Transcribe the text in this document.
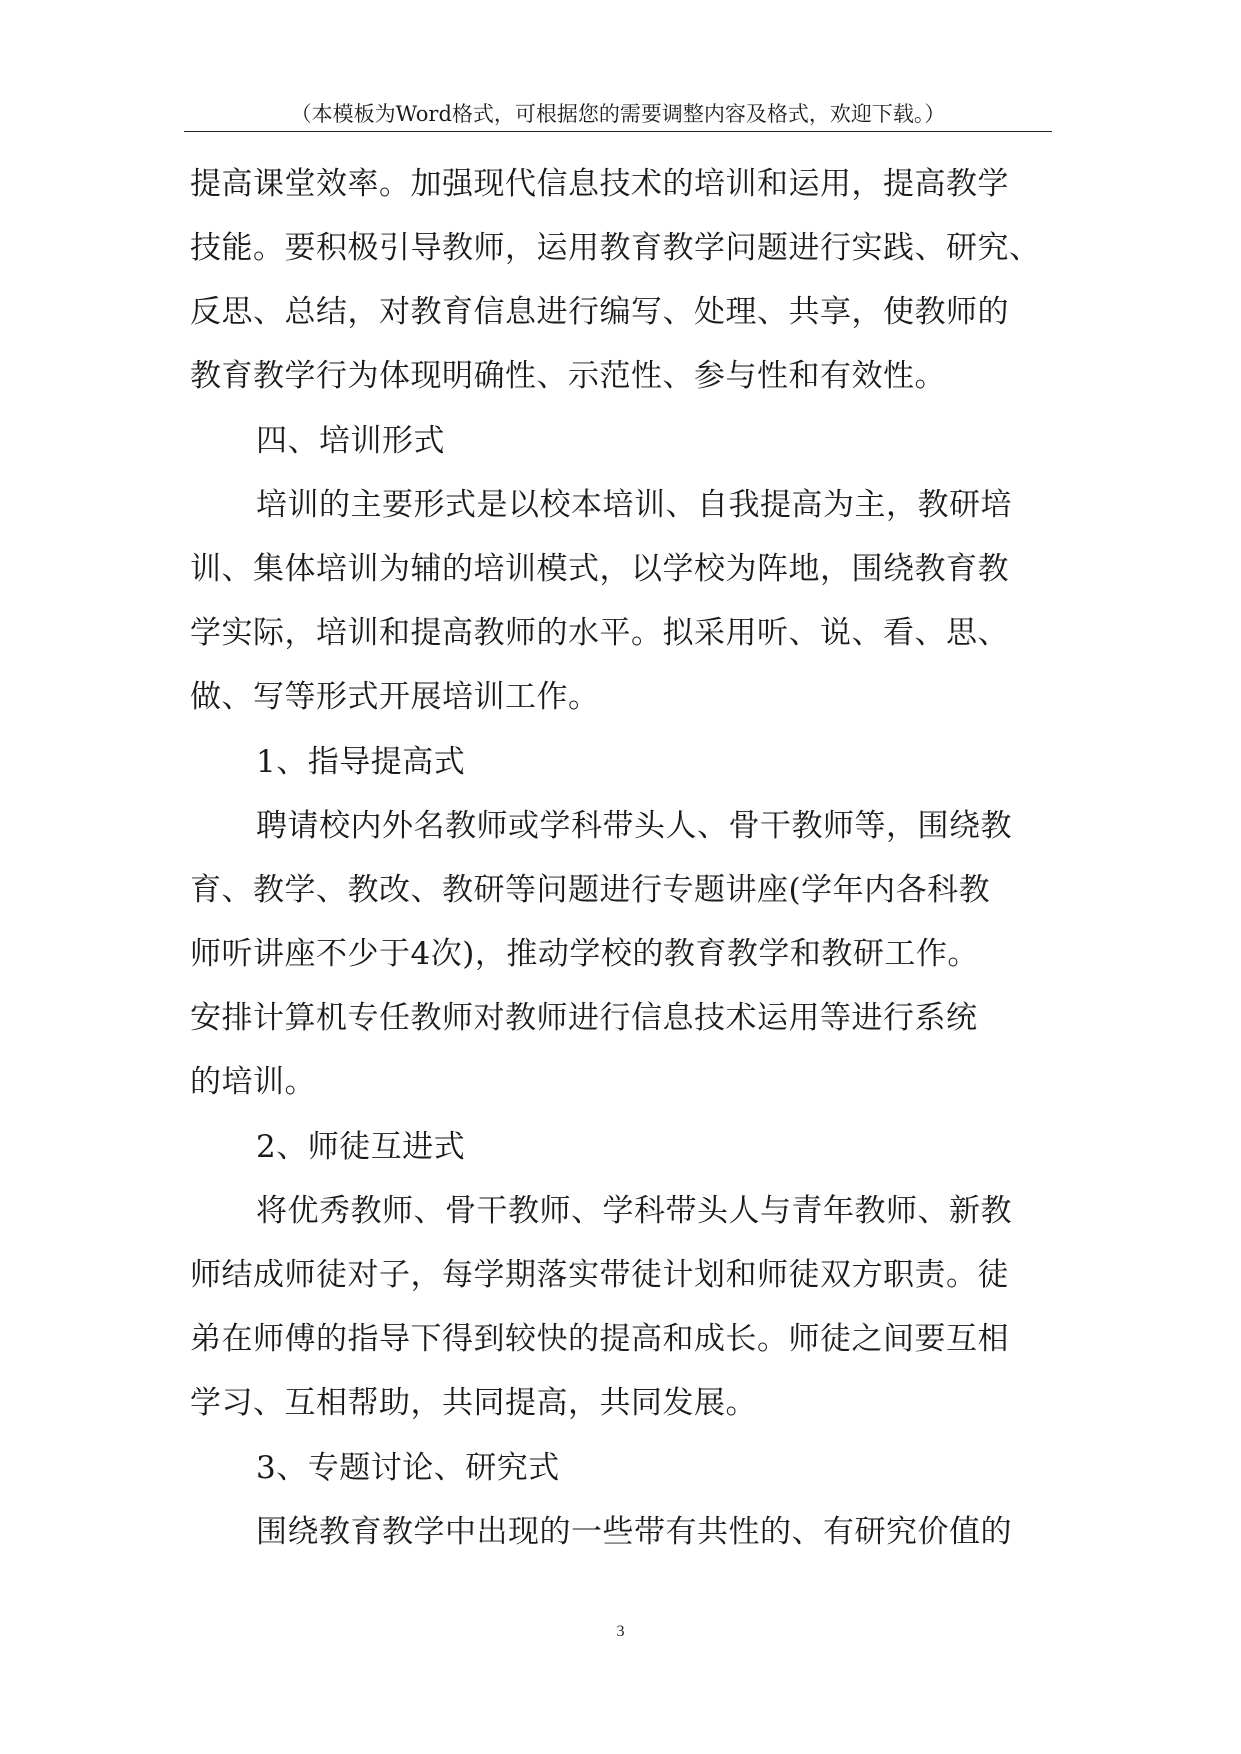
（本模板为Word格式，可根据您的需要调整内容及格式，欢迎下载。）
提高课堂效率。加强现代信息技术的培训和运用，提高教学
技能。要积极引导教师，运用教育教学问题进行实践、研究、
反思、总结，对教育信息进行编写、处理、共享，使教师的
教育教学行为体现明确性、示范性、参与性和有效性。
四、培训形式
培训的主要形式是以校本培训、自我提高为主，教研培
训、集体培训为辅的培训模式，以学校为阵地，围绕教育教
学实际，培训和提高教师的水平。拟采用听、说、看、思、
做、写等形式开展培训工作。
1、指导提高式
聘请校内外名教师或学科带头人、骨干教师等，围绕教
育、教学、教改、教研等问题进行专题讲座(学年内各科教
师听讲座不少于4次)，推动学校的教育教学和教研工作。
安排计算机专任教师对教师进行信息技术运用等进行系统
的培训。
2、师徒互进式
将优秀教师、骨干教师、学科带头人与青年教师、新教
师结成师徒对子，每学期落实带徒计划和师徒双方职责。徒
弟在师傅的指导下得到较快的提高和成长。师徒之间要互相
学习、互相帮助，共同提高，共同发展。
3、专题讨论、研究式
围绕教育教学中出现的一些带有共性的、有研究价值的
3
